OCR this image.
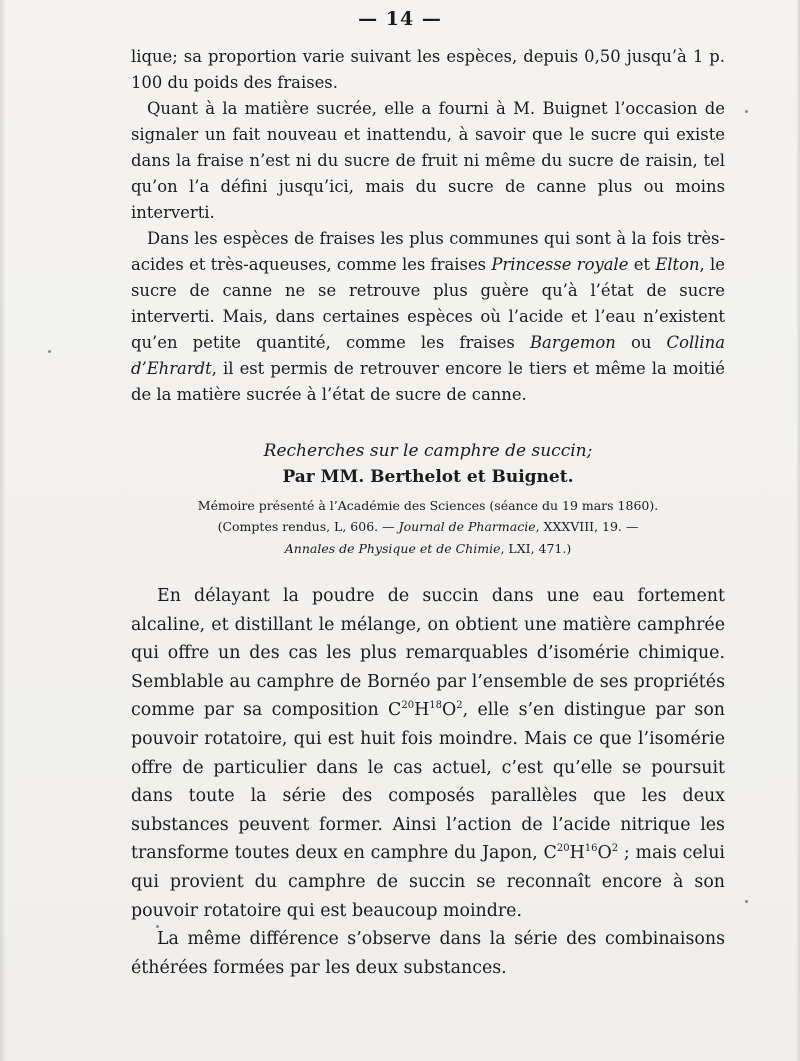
— 14 —

lique; sa proportion varie suivant les espèces, depuis 0,50 jusqu’à 1 p. 100 du poids des fraises.

Quant à la matière sucrée, elle a fourni à M. Buignet l’occasion de signaler un fait nouveau et inattendu, à savoir que le sucre qui existe dans la fraise n’est ni du sucre de fruit ni même du sucre de raisin, tel qu’on l’a défini jusqu’ici, mais du sucre de canne plus ou moins interverti.

Dans les espèces de fraises les plus communes qui sont à la fois très-acides et très-aqueuses, comme les fraises Princesse royale et Elton, le sucre de canne ne se retrouve plus guère qu’à l’état de sucre interverti. Mais, dans certaines espèces où l’acide et l’eau n’existent qu’en petite quantité, comme les fraises Bargemon ou Collina d’Ehrardt, il est permis de retrouver encore le tiers et même la moitié de la matière sucrée à l’état de sucre de canne.

Recherches sur le camphre de succin;

Par MM. Berthelot et Buignet.

Mémoire présenté à l’Académie des Sciences (séance du 19 mars 1860).

(Comptes rendus, L, 606. — Journal de Pharmacie, XXXVIII, 19. —
Annales de Physique et de Chimie, LXI, 471.)

En délayant la poudre de succin dans une eau fortement alcaline, et distillant le mélange, on obtient une matière camphrée qui offre un des cas les plus remarquables d’isomérie chimique. Semblable au camphre de Bornéo par l’ensemble de ses propriétés comme par sa composition $C^{20}H^{18}O^2$, elle s’en distingue par son pouvoir rotatoire, qui est huit fois moindre. Mais ce que l’isomérie offre de particulier dans le cas actuel, c’est qu’elle se poursuit dans toute la série des composés parallèles que les deux substances peuvent former. Ainsi l’action de l’acide nitrique les transforme toutes deux en camphre du Japon, $C^{20}H^{16}O^2$ ; mais celui qui provient du camphre de succin se reconnaît encore à son pouvoir rotatoire qui est beaucoup moindre.

La même différence s’observe dans la série des combinaisons éthérées formées par les deux substances.
